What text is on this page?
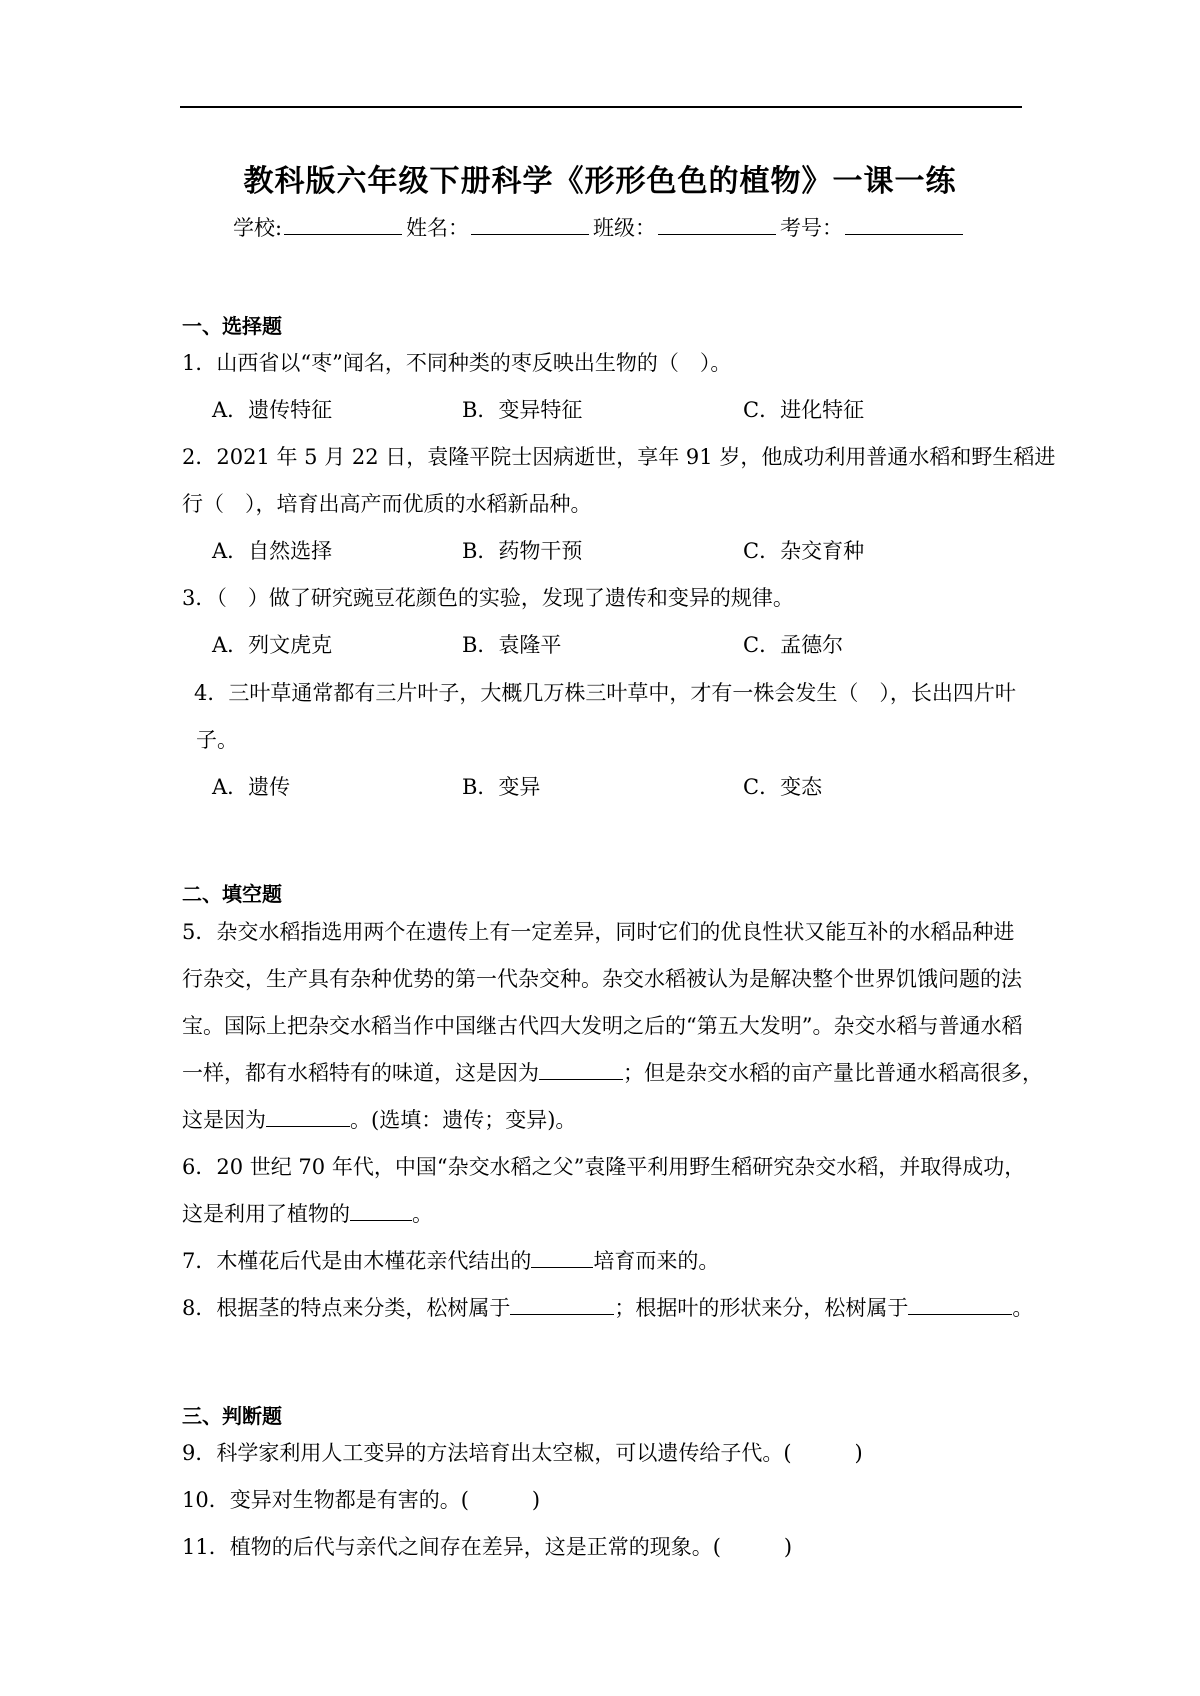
教科版六年级下册科学《形形色色的植物》一课一练
学校:	姓名：	班级：	考号：
一、选择题
1．山西省以“枣”闻名，不同种类的枣反映出生物的（　）。
A．遗传特征	B．变异特征	C．进化特征
2．2021 年 5 月 22 日，袁隆平院士因病逝世，享年 91 岁，他成功利用普通水稻和野生稻进
行（　），培育出高产而优质的水稻新品种。
A．自然选择	B．药物干预	C．杂交育种
3．（　）做了研究豌豆花颜色的实验，发现了遗传和变异的规律。
A．列文虎克	B．袁隆平	C．孟德尔
4．三叶草通常都有三片叶子，大概几万株三叶草中，才有一株会发生（　），长出四片叶
子。
A．遗传	B．变异	C．变态
二、填空题
5．杂交水稻指选用两个在遗传上有一定差异，同时它们的优良性状又能互补的水稻品种进
行杂交，生产具有杂种优势的第一代杂交种。杂交水稻被认为是解决整个世界饥饿问题的法
宝。国际上把杂交水稻当作中国继古代四大发明之后的“第五大发明”。杂交水稻与普通水稻
一样，都有水稻特有的味道，这是因为	；但是杂交水稻的亩产量比普通水稻高很多，
这是因为	。(选填：遗传；变异)。
6．20 世纪 70 年代，中国“杂交水稻之父”袁隆平利用野生稻研究杂交水稻，并取得成功，
这是利用了植物的	。
7．木槿花后代是由木槿花亲代结出的	培育而来的。
8．根据茎的特点来分类，松树属于	；根据叶的形状来分，松树属于	。
三、判断题
9．科学家利用人工变异的方法培育出太空椒，可以遗传给子代。(　　　)
10．变异对生物都是有害的。(　　　)
11．植物的后代与亲代之间存在差异，这是正常的现象。(　　　)
